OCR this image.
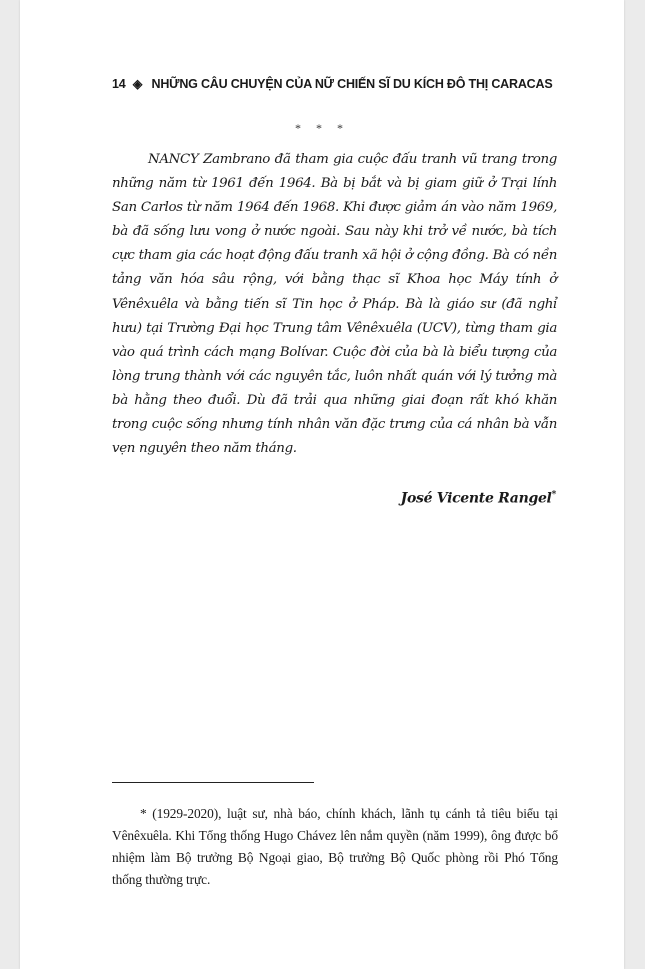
14 ◈ NHỮNG CÂU CHUYỆN CỦA NỮ CHIẾN SĨ DU KÍCH ĐÔ THỊ CARACAS
* * *

NANCY Zambrano đã tham gia cuộc đấu tranh vũ trang trong những năm từ 1961 đến 1964. Bà bị bắt và bị giam giữ ở Trại lính San Carlos từ năm 1964 đến 1968. Khi được giảm án vào năm 1969, bà đã sống lưu vong ở nước ngoài. Sau này khi trở về nước, bà tích cực tham gia các hoạt động đấu tranh xã hội ở cộng đồng. Bà có nền tảng văn hóa sâu rộng, với bằng thạc sĩ Khoa học Máy tính ở Vênêxuêla và bằng tiến sĩ Tin học ở Pháp. Bà là giáo sư (đã nghỉ hưu) tại Trường Đại học Trung tâm Vênêxuêla (UCV), từng tham gia vào quá trình cách mạng Bolívar. Cuộc đời của bà là biểu tượng của lòng trung thành với các nguyên tắc, luôn nhất quán với lý tưởng mà bà hằng theo đuổi. Dù đã trải qua những giai đoạn rất khó khăn trong cuộc sống nhưng tính nhân văn đặc trưng của cá nhân bà vẫn vẹn nguyên theo năm tháng.

José Vicente Rangel*

* (1929-2020), luật sư, nhà báo, chính khách, lãnh tụ cánh tả tiêu biểu tại Vênêxuêla. Khi Tổng thống Hugo Chávez lên nắm quyền (năm 1999), ông được bổ nhiệm làm Bộ trưởng Bộ Ngoại giao, Bộ trưởng Bộ Quốc phòng rồi Phó Tổng thống thường trực.
